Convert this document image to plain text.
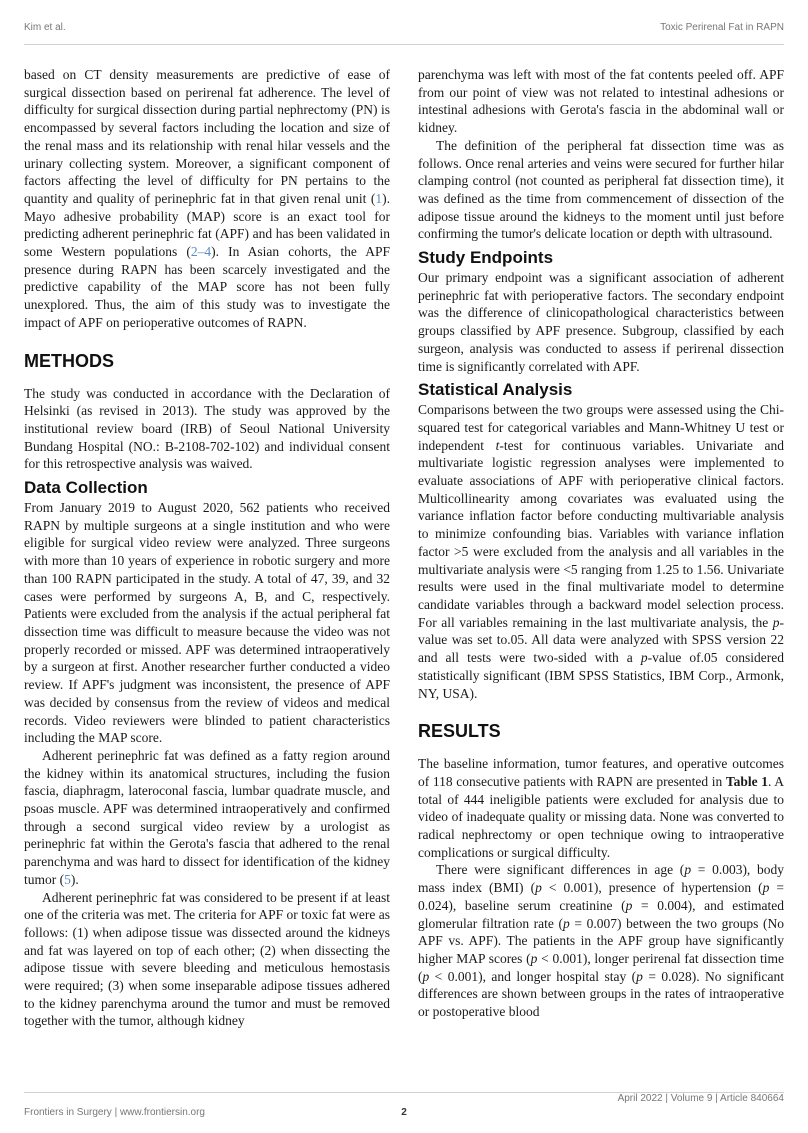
Kim et al.	Toxic Perirenal Fat in RAPN

based on CT density measurements are predictive of ease of surgical dissection based on perirenal fat adherence. The level of difficulty for surgical dissection during partial nephrectomy (PN) is encompassed by several factors including the location and size of the renal mass and its relationship with renal hilar vessels and the urinary collecting system. Moreover, a significant component of factors affecting the level of difficulty for PN pertains to the quantity and quality of perinephric fat in that given renal unit (1). Mayo adhesive probability (MAP) score is an exact tool for predicting adherent perinephric fat (APF) and has been validated in some Western populations (2–4). In Asian cohorts, the APF presence during RAPN has been scarcely investigated and the predictive capability of the MAP score has not been fully unexplored. Thus, the aim of this study was to investigate the impact of APF on perioperative outcomes of RAPN.

METHODS

The study was conducted in accordance with the Declaration of Helsinki (as revised in 2013). The study was approved by the institutional review board (IRB) of Seoul National University Bundang Hospital (NO.: B-2108-702-102) and individual consent for this retrospective analysis was waived.

Data Collection

From January 2019 to August 2020, 562 patients who received RAPN by multiple surgeons at a single institution and who were eligible for surgical video review were analyzed. Three surgeons with more than 10 years of experience in robotic surgery and more than 100 RAPN participated in the study. A total of 47, 39, and 32 cases were performed by surgeons A, B, and C, respectively. Patients were excluded from the analysis if the actual peripheral fat dissection time was difficult to measure because the video was not properly recorded or missed. APF was determined intraoperatively by a surgeon at first. Another researcher further conducted a video review. If APF's judgment was inconsistent, the presence of APF was decided by consensus from the review of videos and medical records. Video reviewers were blinded to patient characteristics including the MAP score.

Adherent perinephric fat was defined as a fatty region around the kidney within its anatomical structures, including the fusion fascia, diaphragm, lateroconal fascia, lumbar quadrate muscle, and psoas muscle. APF was determined intraoperatively and confirmed through a second surgical video review by a urologist as perinephric fat within the Gerota's fascia that adhered to the renal parenchyma and was hard to dissect for identification of the kidney tumor (5).

Adherent perinephric fat was considered to be present if at least one of the criteria was met. The criteria for APF or toxic fat were as follows: (1) when adipose tissue was dissected around the kidneys and fat was layered on top of each other; (2) when dissecting the adipose tissue with severe bleeding and meticulous hemostasis were required; (3) when some inseparable adipose tissues adhered to the kidney parenchyma around the tumor and must be removed together with the tumor, although kidney

parenchyma was left with most of the fat contents peeled off. APF from our point of view was not related to intestinal adhesions or intestinal adhesions with Gerota's fascia in the abdominal wall or kidney.

The definition of the peripheral fat dissection time was as follows. Once renal arteries and veins were secured for further hilar clamping control (not counted as peripheral fat dissection time), it was defined as the time from commencement of dissection of the adipose tissue around the kidneys to the moment until just before confirming the tumor's delicate location or depth with ultrasound.

Study Endpoints

Our primary endpoint was a significant association of adherent perinephric fat with perioperative factors. The secondary endpoint was the difference of clinicopathological characteristics between groups classified by APF presence. Subgroup, classified by each surgeon, analysis was conducted to assess if perirenal dissection time is significantly correlated with APF.

Statistical Analysis

Comparisons between the two groups were assessed using the Chi-squared test for categorical variables and Mann-Whitney U test or independent t-test for continuous variables. Univariate and multivariate logistic regression analyses were implemented to evaluate associations of APF with perioperative clinical factors. Multicollinearity among covariates was evaluated using the variance inflation factor before conducting multivariable analysis to minimize confounding bias. Variables with variance inflation factor >5 were excluded from the analysis and all variables in the multivariate analysis were <5 ranging from 1.25 to 1.56. Univariate results were used in the final multivariate model to determine candidate variables through a backward model selection process. For all variables remaining in the last multivariate analysis, the p-value was set to.05. All data were analyzed with SPSS version 22 and all tests were two-sided with a p-value of.05 considered statistically significant (IBM SPSS Statistics, IBM Corp., Armonk, NY, USA).

RESULTS

The baseline information, tumor features, and operative outcomes of 118 consecutive patients with RAPN are presented in Table 1. A total of 444 ineligible patients were excluded for analysis due to video of inadequate quality or missing data. None was converted to radical nephrectomy or open technique owing to intraoperative complications or surgical difficulty.

There were significant differences in age (p = 0.003), body mass index (BMI) (p < 0.001), presence of hypertension (p = 0.024), baseline serum creatinine (p = 0.004), and estimated glomerular filtration rate (p = 0.007) between the two groups (No APF vs. APF). The patients in the APF group have significantly higher MAP scores (p < 0.001), longer perirenal fat dissection time (p < 0.001), and longer hospital stay (p = 0.028). No significant differences are shown between groups in the rates of intraoperative or postoperative blood

Frontiers in Surgery | www.frontiersin.org	2
April 2022 | Volume 9 | Article 840664
